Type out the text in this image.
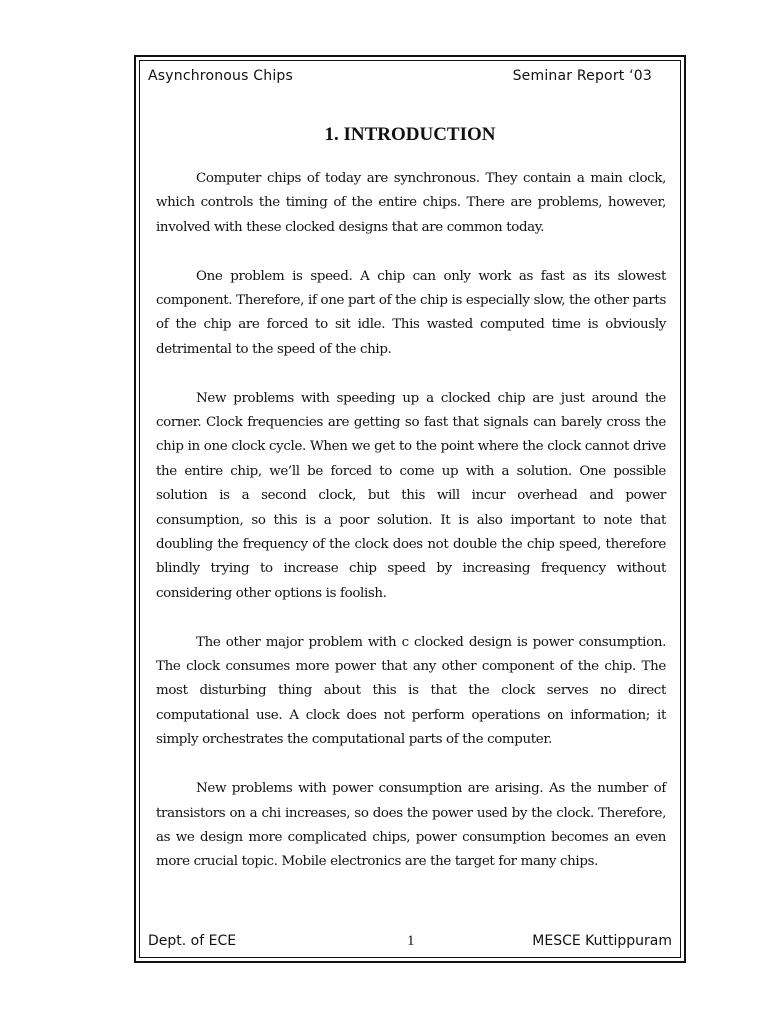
Asynchronous Chips	Seminar Report ‘03
1. INTRODUCTION

Computer chips of today are synchronous. They contain a main clock, which controls the timing of the entire chips. There are problems, however, involved with these clocked designs that are common today.

One problem is speed. A chip can only work as fast as its slowest component. Therefore, if one part of the chip is especially slow, the other parts of the chip are forced to sit idle. This wasted computed time is obviously detrimental to the speed of the chip.

New problems with speeding up a clocked chip are just around the corner. Clock frequencies are getting so fast that signals can barely cross the chip in one clock cycle. When we get to the point where the clock cannot drive the entire chip, we’ll be forced to come up with a solution. One possible solution is a second clock, but this will incur overhead and power consumption, so this is a poor solution. It is also important to note that doubling the frequency of the clock does not double the chip speed, therefore blindly trying to increase chip speed by increasing frequency without considering other options is foolish.

The other major problem with c clocked design is power consumption. The clock consumes more power that any other component of the chip. The most disturbing thing about this is that the clock serves no direct computational use. A clock does not perform operations on information; it simply orchestrates the computational parts of the computer.

New problems with power consumption are arising. As the number of transistors on a chi increases, so does the power used by the clock. Therefore, as we design more complicated chips, power consumption becomes an even more crucial topic. Mobile electronics are the target for many chips.

Dept. of ECE	1	MESCE Kuttippuram
